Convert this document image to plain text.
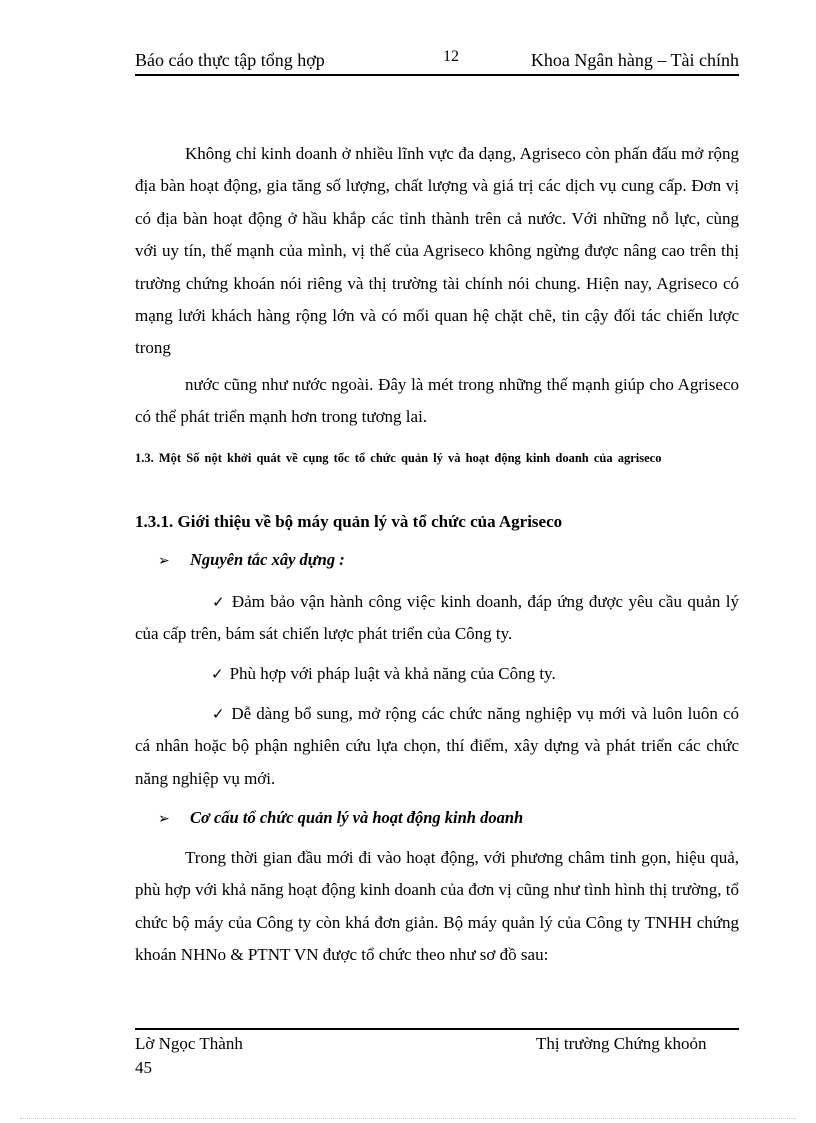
Báo cáo thực tập tổng hợp	12	Khoa Ngân hàng – Tài chính

Không chỉ kinh doanh ở nhiều lĩnh vực đa dạng, Agriseco còn phấn đấu mở rộng địa bàn hoạt động, gia tăng số lượng, chất lượng và giá trị các dịch vụ cung cấp. Đơn vị có địa bàn hoạt động ở hầu khắp các tỉnh thành trên cả nước. Với những nỗ lực, cùng với uy tín, thế mạnh của mình, vị thế của Agriseco không ngừng được nâng cao trên thị trường chứng khoán nói riêng và thị trường tài chính nói chung. Hiện nay, Agriseco có mạng lưới khách hàng rộng lớn và có mối quan hệ chặt chẽ, tin cậy đối tác chiến lược trong

nước cũng như nước ngoài. Đây là mét trong những thế mạnh giúp cho Agriseco có thể phát triển mạnh hơn trong tương lai.

1.3. Một Số nột khởi quát về cụng tốc tổ chức quản lý và hoạt động kinh doanh của agriseco

1.3.1. Giới thiệu về bộ máy quản lý và tổ chức của Agriseco

➢ Nguyên tắc xây dựng :

✓ Đảm bảo vận hành công việc kinh doanh, đáp ứng được yêu cầu quản lý của cấp trên, bám sát chiến lược phát triển của Công ty.

✓ Phù hợp với pháp luật và khả năng của Công ty.

✓ Dễ dàng bổ sung, mở rộng các chức năng nghiệp vụ mới và luôn luôn có cá nhân hoặc bộ phận nghiên cứu lựa chọn, thí điểm, xây dựng và phát triển các chức năng nghiệp vụ mới.

➢ Cơ cấu tổ chức quản lý và hoạt động kinh doanh

Trong thời gian đầu mới đi vào hoạt động, với phương châm tinh gọn, hiệu quả, phù hợp với khả năng hoạt động kinh doanh của đơn vị cũng như tình hình thị trường, tổ chức bộ máy của Công ty còn khá đơn giản. Bộ máy quản lý của Công ty TNHH chứng khoán NHNo & PTNT VN được tổ chức theo như sơ đồ sau:

Lờ Ngọc Thành	Thị trường Chứng khoỏn
45
